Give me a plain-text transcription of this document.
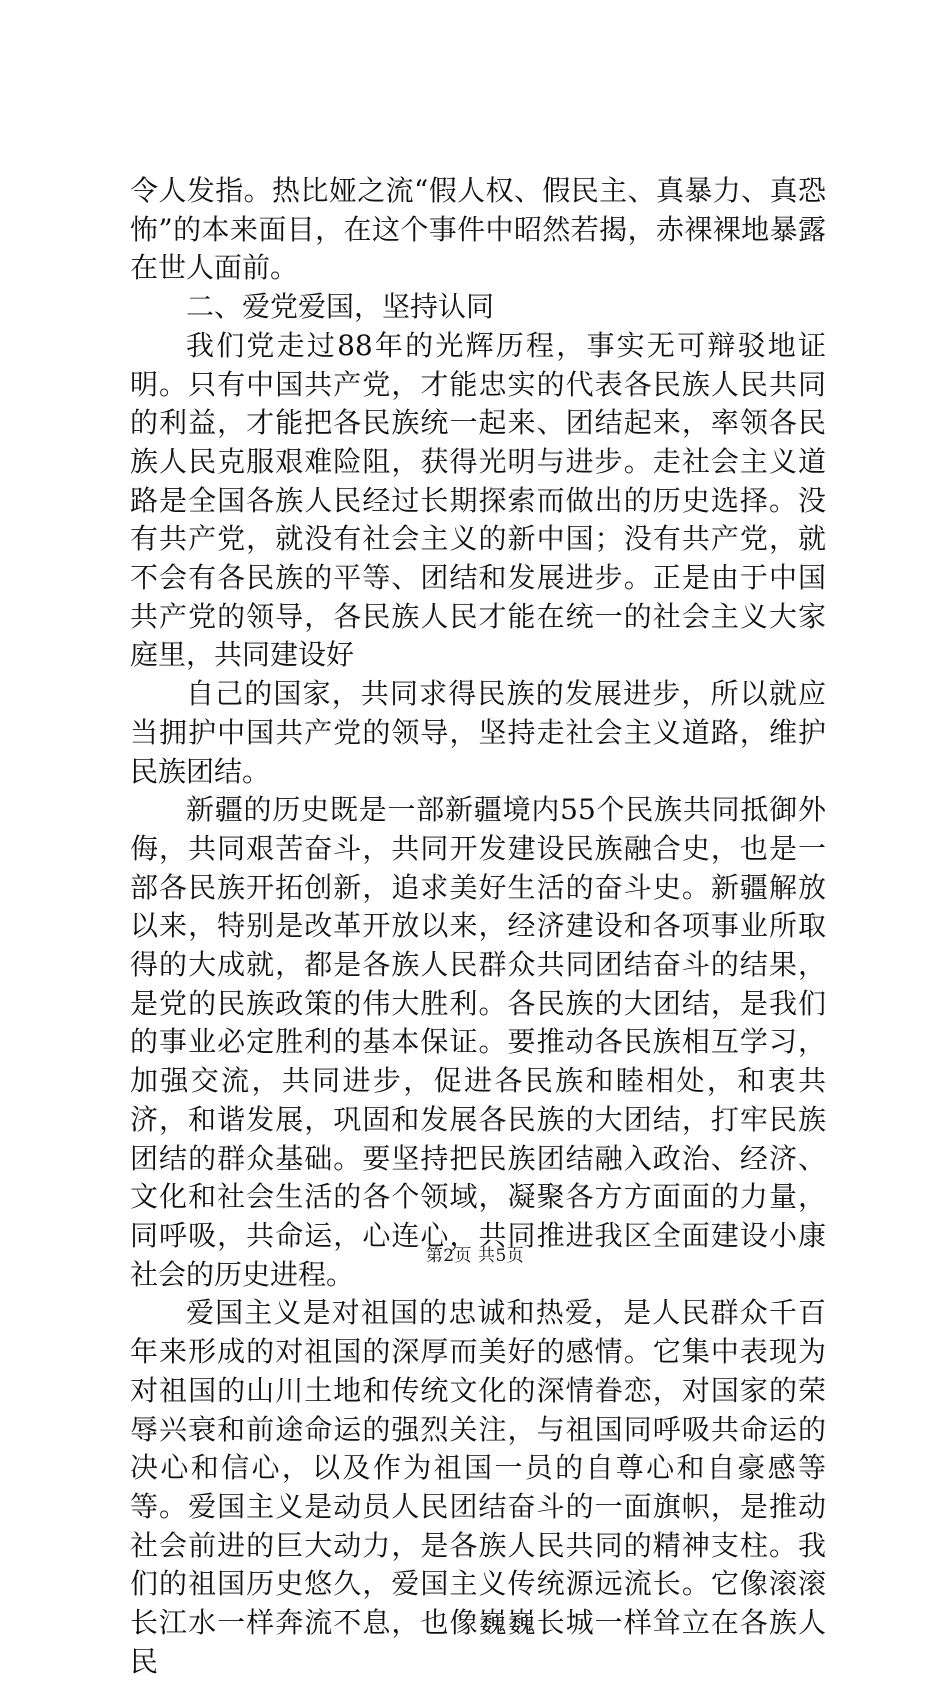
令人发指。热比娅之流“假人权、假民主、真暴力、真恐怖”的本来面目，在这个事件中昭然若揭，赤裸裸地暴露在世人面前。

二、爱党爱国，坚持认同

我们党走过88年的光辉历程，事实无可辩驳地证明。只有中国共产党，才能忠实的代表各民族人民共同的利益，才能把各民族统一起来、团结起来，率领各民族人民克服艰难险阻，获得光明与进步。走社会主义道路是全国各族人民经过长期探索而做出的历史选择。没有共产党，就没有社会主义的新中国；没有共产党，就不会有各民族的平等、团结和发展进步。正是由于中国共产党的领导，各民族人民才能在统一的社会主义大家庭里，共同建设好

自己的国家，共同求得民族的发展进步，所以就应当拥护中国共产党的领导，坚持走社会主义道路，维护民族团结。

新疆的历史既是一部新疆境内55个民族共同抵御外侮，共同艰苦奋斗，共同开发建设民族融合史，也是一部各民族开拓创新，追求美好生活的奋斗史。新疆解放以来，特别是改革开放以来，经济建设和各项事业所取得的大成就，都是各族人民群众共同团结奋斗的结果，是党的民族政策的伟大胜利。各民族的大团结，是我们的事业必定胜利的基本保证。要推动各民族相互学习，加强交流，共同进步，促进各民族和睦相处，和衷共济，和谐发展，巩固和发展各民族的大团结，打牢民族团结的群众基础。要坚持把民族团结融入政治、经济、文化和社会生活的各个领域，凝聚各方方面面的力量，同呼吸，共命运，心连心，共同推进我区全面建设小康社会的历史进程。

爱国主义是对祖国的忠诚和热爱，是人民群众千百年来形成的对祖国的深厚而美好的感情。它集中表现为对祖国的山川土地和传统文化的深情眷恋，对国家的荣辱兴衰和前途命运的强烈关注，与祖国同呼吸共命运的决心和信心，以及作为祖国一员的自尊心和自豪感等等。爱国主义是动员人民团结奋斗的一面旗帜，是推动社会前进的巨大动力，是各族人民共同的精神支柱。我们的祖国历史悠久，爱国主义传统源远流长。它像滚滚长江水一样奔流不息，也像巍巍长城一样耸立在各族人民

第2页 共5页
